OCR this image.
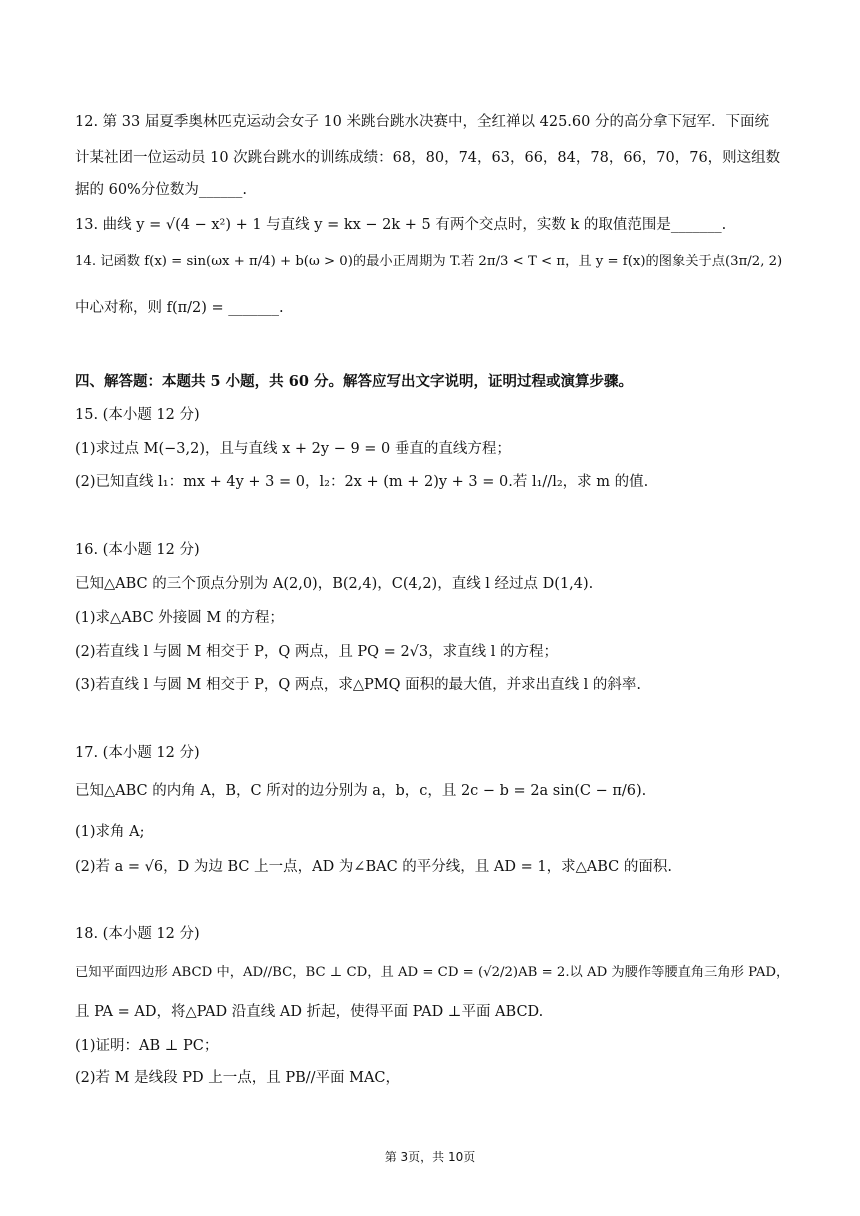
12. 第 33 届夏季奥林匹克运动会女子 10 米跳台跳水决赛中，全红禅以 425.60 分的高分拿下冠军．下面统
计某社团一位运动员 10 次跳台跳水的训练成绩：68，80，74，63，66，84，78，66，70，76，则这组数
据的 60%分位数为______.
13. 曲线 y = √(4 − x²) + 1 与直线 y = kx − 2k + 5 有两个交点时，实数 k 的取值范围是_______.
14. 记函数 f(x) = sin(ωx + π/4) + b(ω > 0)的最小正周期为 T.若 2π/3 < T < π，且 y = f(x)的图象关于点(3π/2, 2)
中心对称，则 f(π/2) = _______.
四、解答题：本题共 5 小题，共 60 分。解答应写出文字说明，证明过程或演算步骤。
15. (本小题 12 分)
(1)求过点 M(−3,2)，且与直线 x + 2y − 9 = 0 垂直的直线方程；
(2)已知直线 l₁：mx + 4y + 3 = 0，l₂：2x + (m + 2)y + 3 = 0.若 l₁//l₂，求 m 的值.
16. (本小题 12 分)
已知△ABC 的三个顶点分别为 A(2,0)，B(2,4)，C(4,2)，直线 l 经过点 D(1,4).
(1)求△ABC 外接圆 M 的方程；
(2)若直线 l 与圆 M 相交于 P，Q 两点，且 PQ = 2√3，求直线 l 的方程；
(3)若直线 l 与圆 M 相交于 P，Q 两点，求△PMQ 面积的最大值，并求出直线 l 的斜率.
17. (本小题 12 分)
已知△ABC 的内角 A，B，C 所对的边分别为 a，b，c，且 2c − b = 2a sin(C − π/6).
(1)求角 A;
(2)若 a = √6，D 为边 BC 上一点，AD 为∠BAC 的平分线，且 AD = 1，求△ABC 的面积.
18. (本小题 12 分)
已知平面四边形 ABCD 中，AD//BC，BC ⊥ CD，且 AD = CD = (√2/2)AB = 2.以 AD 为腰作等腰直角三角形 PAD，
且 PA = AD，将△PAD 沿直线 AD 折起，使得平面 PAD ⊥平面 ABCD.
(1)证明：AB ⊥ PC；
(2)若 M 是线段 PD 上一点，且 PB//平面 MAC，
第 3页，共 10页
